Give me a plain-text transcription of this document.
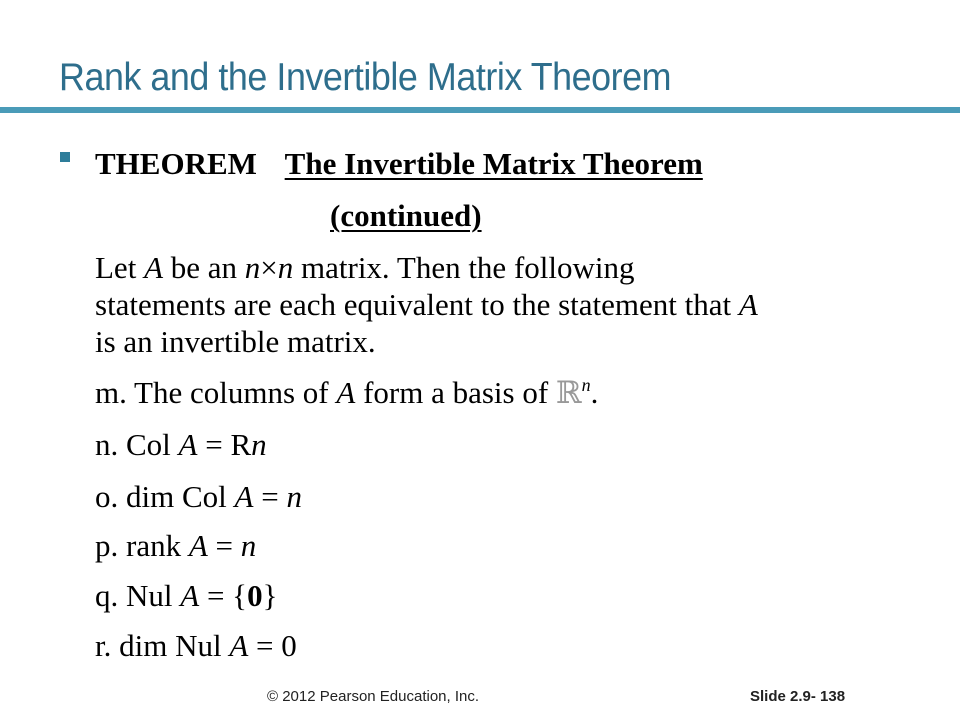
Rank and the Invertible Matrix Theorem
THEOREM The Invertible Matrix Theorem
(continued)
Let A be an n×n matrix. Then the following
statements are each equivalent to the statement that A
is an invertible matrix.
m. The columns of A form a basis of ℝ$^n$.
n. Col A = Rn
o. dim Col A = n
p. rank A = n
q. Nul A = {0}
r. dim Nul A = 0
© 2012 Pearson Education, Inc.	Slide 2.9- 138
